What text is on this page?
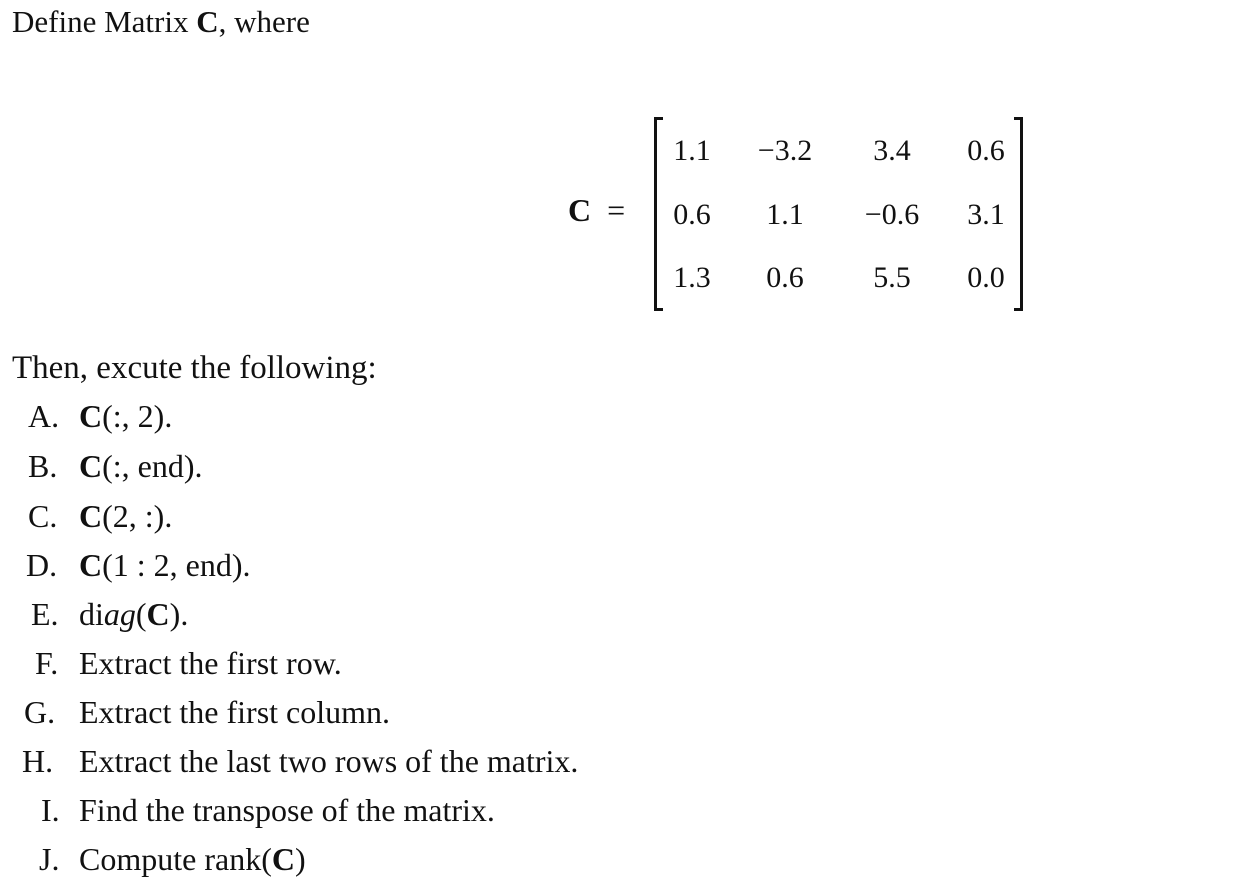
Define Matrix C, where
C =
1.1	−3.2	3.4	0.6
0.6	1.1	−0.6	3.1
1.3	0.6	5.5	0.0
Then, excute the following:
A. C(:, 2).
B. C(:, end).
C. C(2, :).
D. C(1 : 2, end).
E. diag(C).
F. Extract the first row.
G. Extract the first column.
H. Extract the last two rows of the matrix.
I. Find the transpose of the matrix.
J. Compute rank(C)
